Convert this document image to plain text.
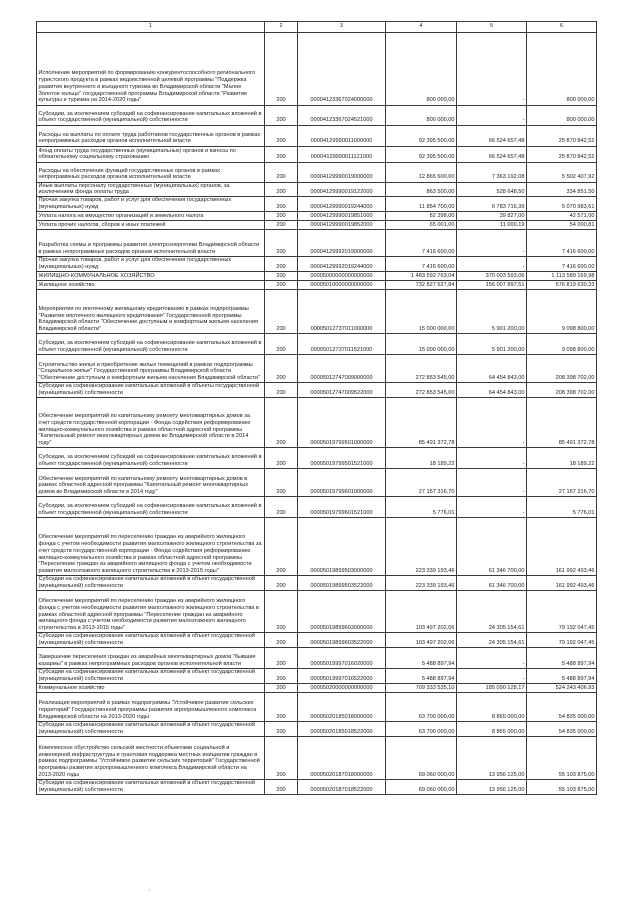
1	2	3	4	5	6
Исполнение мероприятий по формированию конкурентоспособного регионального туристского продукта в рамках ведомственной целевой программы "Поддержка развития внутреннего и въездного туризма во Владимирской области "Малое Золотое кольцо" государственной программы Владимирской области "Развитие культуры и туризма на 2014-2020 годы"	200	00004123367024000000	800 000,00	-	800 000,00
Субсидии, за исключением субсидий на софинансирование капитальных вложений в объект государственной (муниципальной) собственности	200	00004123367024521000	800 000,00	-	800 000,00
Расходы на выплаты по оплате труда работников государственных органов в рамках непрограммных расходов органов исполнительной власти	200	00004129990011000000	92 395 500,00	66 524 657,48	25 870 842,52
Фонд оплаты труда государственных (муниципальных) органов и взносы по обязательному социальному страхованию	200	00004129990011121000	92 395 500,00	66 524 657,48	25 870 842,52
Расходы на обеспечение функций государственных органов в рамках непрограммных расходов органов исполнительной власти	200	00004129990019000000	12 865 600,00	7 363 192,08	5 502 407,92
Иные выплаты персоналу государственных (муниципальных) органов, за исключением фонда оплаты труда	200	00004129990019122000	863 500,00	528 648,50	334 851,50
Прочая закупка товаров, работ и услуг для обеспечения государственных (муниципальных) нужд	200	00004129990019244000	11 854 700,00	6 783 716,39	5 070 983,61
Уплата налога на имущество организаций и земельного налога	200	00004129990019851000	82 398,00	39 827,00	42 571,00
Уплата прочих налогов, сборов и иных платежей	200	00004129990019852000	65 001,00	11 000,19	54 000,81
Разработка схемы и программы развития электроэнергетики Владимирской области в рамках непрограммных расходов органов исполнительной власти	200	00004129992019000000	7 416 600,00	-	7 416 600,00
Прочая закупка товаров, работ и услуг для обеспечения государственных (муниципальных) нужд	200	00004129992019244000	7 416 600,00	-	7 416 600,00
ЖИЛИЩНО-КОММУНАЛЬНОЕ ХОЗЯЙСТВО	200	00005000000000000000	1 483 592 763,04	370 003 593,06	1 113 589 169,98
Жилищное хозяйство	200	00005010000000000000	732 827 527,84	156 007 897,51	576 819 630,33
Мероприятия по ипотечному жилищному кредитованию в рамках подпрограммы "Развитие ипотечного жилищного кредитования" Государственной программы Владимирской области "Обеспечение доступным и комфортным жильем населения Владимирской области"	200	00005012737011000000	15 000 000,00	5 901 200,00	9 098 800,00
Субсидии, за исключением субсидий на софинансирование капитальных вложений в объект государственной (муниципальной) собственности	200	00005012737011521000	15 000 000,00	5 901 200,00	9 098 800,00
Строительство жилья и приобретение жилых помещений в рамках подпрограммы "Социальное жилье" Государственной программы Владимирской области "Обеспечение доступным и комфортным жильем населения Владимирской области"	200	00005012747009000000	272 853 545,00	64 454 843,00	208 398 702,00
Субсидии на софинансирование капитальных вложений в объекты государственной (муниципальной) собственности	200	00005012747009522000	272 853 545,00	64 454 843,00	208 398 702,00
Обеспечение мероприятий по капитальному ремонту многоквартирных домов за счет средств государственной корпорации - Фонда содействия реформированию жилищно-коммунального хозяйства в рамках областной адресной программы "Капитальный ремонт многоквартирных домов во Владимирской области в 2014 году"	200	00005019799501000000	85 491 372,78	-	85 491 372,78
Субсидии, за исключением субсидий на софинансирование капитальных вложений в объект государственной (муниципальной) собственности	200	00005019799501521000	18 189,22	-	18 189,22
Обеспечение мероприятий по капитальному ремонту многоквартирных домов в рамках областной адресной программы "Капитальный ремонт многоквартирных домов во Владимирской области в 2014 году"	200	00005019799601000000	27 157 316,70	-	27 157 316,70
Субсидии, за исключением субсидий на софинансирование капитальных вложений в объект государственной (муниципальной) собственности	200	00005019799601521000	5 776,01	-	5 776,01
Обеспечение мероприятий по переселению граждан из аварийного жилищного фонда с учетом необходимости развития малоэтажного жилищного строительства за счет средств государственной корпорации - Фонда содействия реформированию жилищно-коммунального хозяйства в рамках областной адресной программы "Переселение граждан из аварийного жилищного фонда с учетом необходимости развития малоэтажного жилищного строительства в 2013-2015 годы"	200	00005019899503000000	223 339 193,46	61 346 700,00	161 992 493,46
Субсидии на софинансирование капитальных вложений в объект государственной (муниципальной) собственности	200	00005019899503522000	223 339 193,46	61 346 700,00	161 992 493,46
Обеспечение мероприятий по переселению граждан из аварийного жилищного фонда с учетом необходимости развития малоэтажного жилищного строительства в рамках областной адресной программы "Переселение граждан из аварийного жилищного фонда с учетом необходимости развития малоэтажного жилищного строительства в 2013-2015 годы"	200	00005019899603000000	103 497 202,06	24 305 154,61	79 192 047,45
Субсидии на софинансирование капитальных вложений в объект государственной (муниципальной) собственности	200	00005019899603522000	103 497 202,06	24 305 154,61	79 192 047,45
Завершение переселения граждан из аварийных многоквартирных домов "бывшие казармы" в рамках непрограммных расходов органов исполнительной власти	200	00005019997016020000	5 488 897,94	-	5 488 897,94
Субсидии на софинансирование капитальных вложений в объект государственной (муниципальной) собственности	200	00005019997016522000	5 488 897,94	-	5 488 897,94
Коммунальное хозяйство	200	00005020000000000000	709 333 535,10	185 090 128,17	524 243 406,93
Реализация мероприятий в рамках подпрограммы "Устойчивое развитие сельских территорий" Государственной программы развития агропромышленного комплекса Владимирской области на 2013-2020 годы	200	00005020185018000000	63 700 000,00	8 865 000,00	54 835 000,00
Субсидии на софинансирование капитальных вложений в объект государственной (муниципальной) собственности	200	00005020185018522000	63 700 000,00	8 865 000,00	54 835 000,00
Комплексное обустройство сельской местности объектами социальной и инженерной инфраструктуры и грантовая поддержка местных инициатив граждан в рамках подпрограммы "Устойчивое развитие сельских территорий" Государственной программы развития агропромышленного комплекса Владимирской области на 2013-2020 годы	200	00005020187018000000	69 060 000,00	13 956 125,00	55 103 875,00
Субсидии на софинансирование капитальных вложений в объект государственной (муниципальной) собственности	200	00005020187018522000	69 060 000,00	13 956 125,00	55 103 875,00
‚
